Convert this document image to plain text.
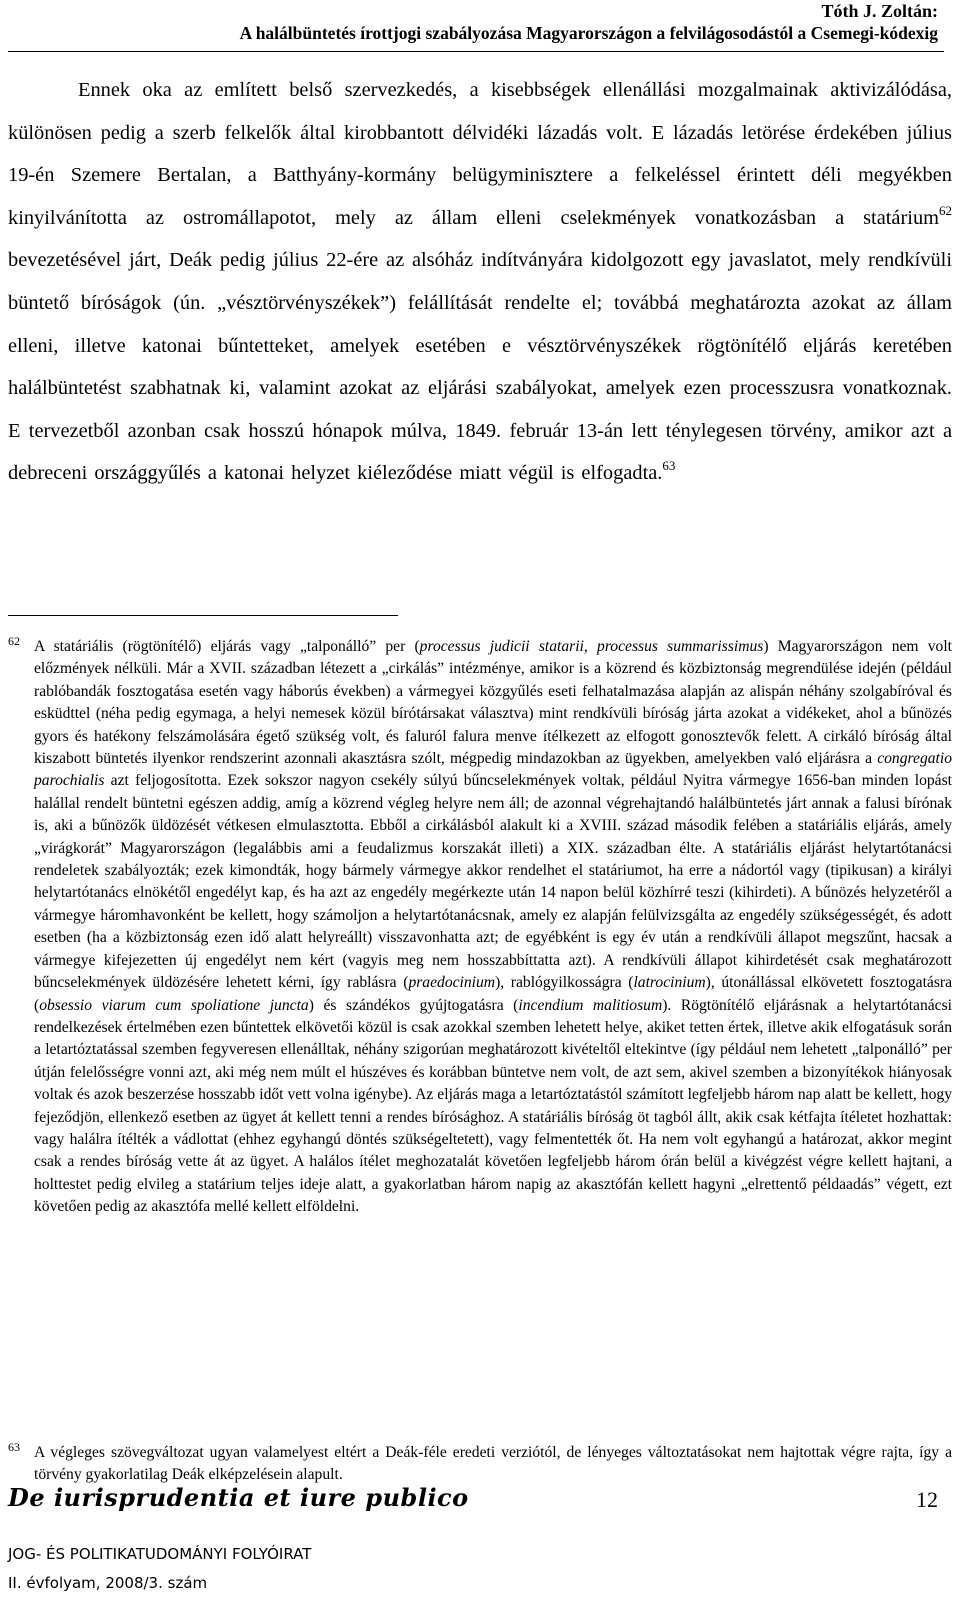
Tóth J. Zoltán:
A halálbüntetés írottjogi szabályozása Magyarországon a felvilágosodástól a Csemegi-kódexig

Ennek oka az említett belső szervezkedés, a kisebbségek ellenállási mozgalmainak aktivizálódása, különösen pedig a szerb felkelők által kirobbantott délvidéki lázadás volt. E lázadás letörése érdekében július 19-én Szemere Bertalan, a Batthyány-kormány belügyminisztere a felkeléssel érintett déli megyékben kinyilvánította az ostromállapotot, mely az állam elleni cselekmények vonatkozásban a statárium$^{62}$ bevezetésével járt, Deák pedig július 22-ére az alsóház indítványára kidolgozott egy javaslatot, mely rendkívüli büntető bíróságok (ún. „vésztörvényszékek”) felállítását rendelte el; továbbá meghatározta azokat az állam elleni, illetve katonai bűntetteket, amelyek esetében e vésztörvényszékek rögtönítélő eljárás keretében halálbüntetést szabhatnak ki, valamint azokat az eljárási szabályokat, amelyek ezen processzusra vonatkoznak. E tervezetből azonban csak hosszú hónapok múlva, 1849. február 13-án lett ténylegesen törvény, amikor azt a debreceni országgyűlés a katonai helyzet kiéleződése miatt végül is elfogadta.$^{63}$

62 A statáriális (rögtönítélő) eljárás vagy „talponálló” per (processus judicii statarii, processus summarissimus) Magyarországon nem volt előzmények nélküli. Már a XVII. században létezett a „cirkálás” intézménye, amikor is a közrend és közbiztonság megrendülése idején (például rablóbandák fosztogatása esetén vagy háborús években) a vármegyei közgyűlés eseti felhatalmazása alapján az alispán néhány szolgabíróval és esküdttel (néha pedig egymaga, a helyi nemesek közül bírótársakat választva) mint rendkívüli bíróság járta azokat a vidékeket, ahol a bűnözés gyors és hatékony felszámolására égető szükség volt, és faluról falura menve ítélkezett az elfogott gonosztevők felett. A cirkáló bíróság által kiszabott büntetés ilyenkor rendszerint azonnali akasztásra szólt, mégpedig mindazokban az ügyekben, amelyekben való eljárásra a congregatio parochialis azt feljogosította. Ezek sokszor nagyon csekély súlyú bűncselekmények voltak, például Nyitra vármegye 1656-ban minden lopást halállal rendelt büntetni egészen addig, amíg a közrend végleg helyre nem áll; de azonnal végrehajtandó halálbüntetés járt annak a falusi bírónak is, aki a bűnözők üldözését vétkesen elmulasztotta. Ebből a cirkálásból alakult ki a XVIII. század második felében a statáriális eljárás, amely „virágkorát” Magyarországon (legalábbis ami a feudalizmus korszakát illeti) a XIX. században élte. A statáriális eljárást helytartótanácsi rendeletek szabályozták; ezek kimondták, hogy bármely vármegye akkor rendelhet el statáriumot, ha erre a nádortól vagy (tipikusan) a királyi helytartótanács elnökétől engedélyt kap, és ha azt az engedély megérkezte után 14 napon belül közhírré teszi (kihirdeti). A bűnözés helyzetéről a vármegye háromhavonként be kellett, hogy számoljon a helytartótanácsnak, amely ez alapján felülvizsgálta az engedély szükségességét, és adott esetben (ha a közbiztonság ezen idő alatt helyreállt) visszavonhatta azt; de egyébként is egy év után a rendkívüli állapot megszűnt, hacsak a vármegye kifejezetten új engedélyt nem kért (vagyis meg nem hosszabbíttatta azt). A rendkívüli állapot kihirdetését csak meghatározott bűncselekmények üldözésére lehetett kérni, így rablásra (praedocinium), rablógyilkosságra (latrocinium), útonállással elkövetett fosztogatásra (obsessio viarum cum spoliatione juncta) és szándékos gyújtogatásra (incendium malitiosum). Rögtönítélő eljárásnak a helytartótanácsi rendelkezések értelmében ezen bűntettek elkövetői közül is csak azokkal szemben lehetett helye, akiket tetten értek, illetve akik elfogatásuk során a letartóztatással szemben fegyveresen ellenálltak, néhány szigorúan meghatározott kivételtől eltekintve (így például nem lehetett „talponálló” per útján felelősségre vonni azt, aki még nem múlt el húszéves és korábban büntetve nem volt, de azt sem, akivel szemben a bizonyítékok hiányosak voltak és azok beszerzése hosszabb időt vett volna igénybe). Az eljárás maga a letartóztatástól számított legfeljebb három nap alatt be kellett, hogy fejeződjön, ellenkező esetben az ügyet át kellett tenni a rendes bírósághoz. A statáriális bíróság öt tagból állt, akik csak kétfajta ítéletet hozhattak: vagy halálra ítélték a vádlottat (ehhez egyhangú döntés szükségeltetett), vagy felmentették őt. Ha nem volt egyhangú a határozat, akkor megint csak a rendes bíróság vette át az ügyet. A halálos ítélet meghozatalát követően legfeljebb három órán belül a kivégzést végre kellett hajtani, a holttestet pedig elvileg a statárium teljes ideje alatt, a gyakorlatban három napig az akasztófán kellett hagyni „elrettentő példaadás” végett, ezt követően pedig az akasztófa mellé kellett elföldelni.

63 A végleges szövegváltozat ugyan valamelyest eltért a Deák-féle eredeti verziótól, de lényeges változtatásokat nem hajtottak végre rajta, így a törvény gyakorlatilag Deák elképzelésein alapult.

De iurisprudentia et iure publico	12
JOG- ÉS POLITIKATUDOMÁNYI FOLYÓIRAT
II. évfolyam, 2008/3. szám
